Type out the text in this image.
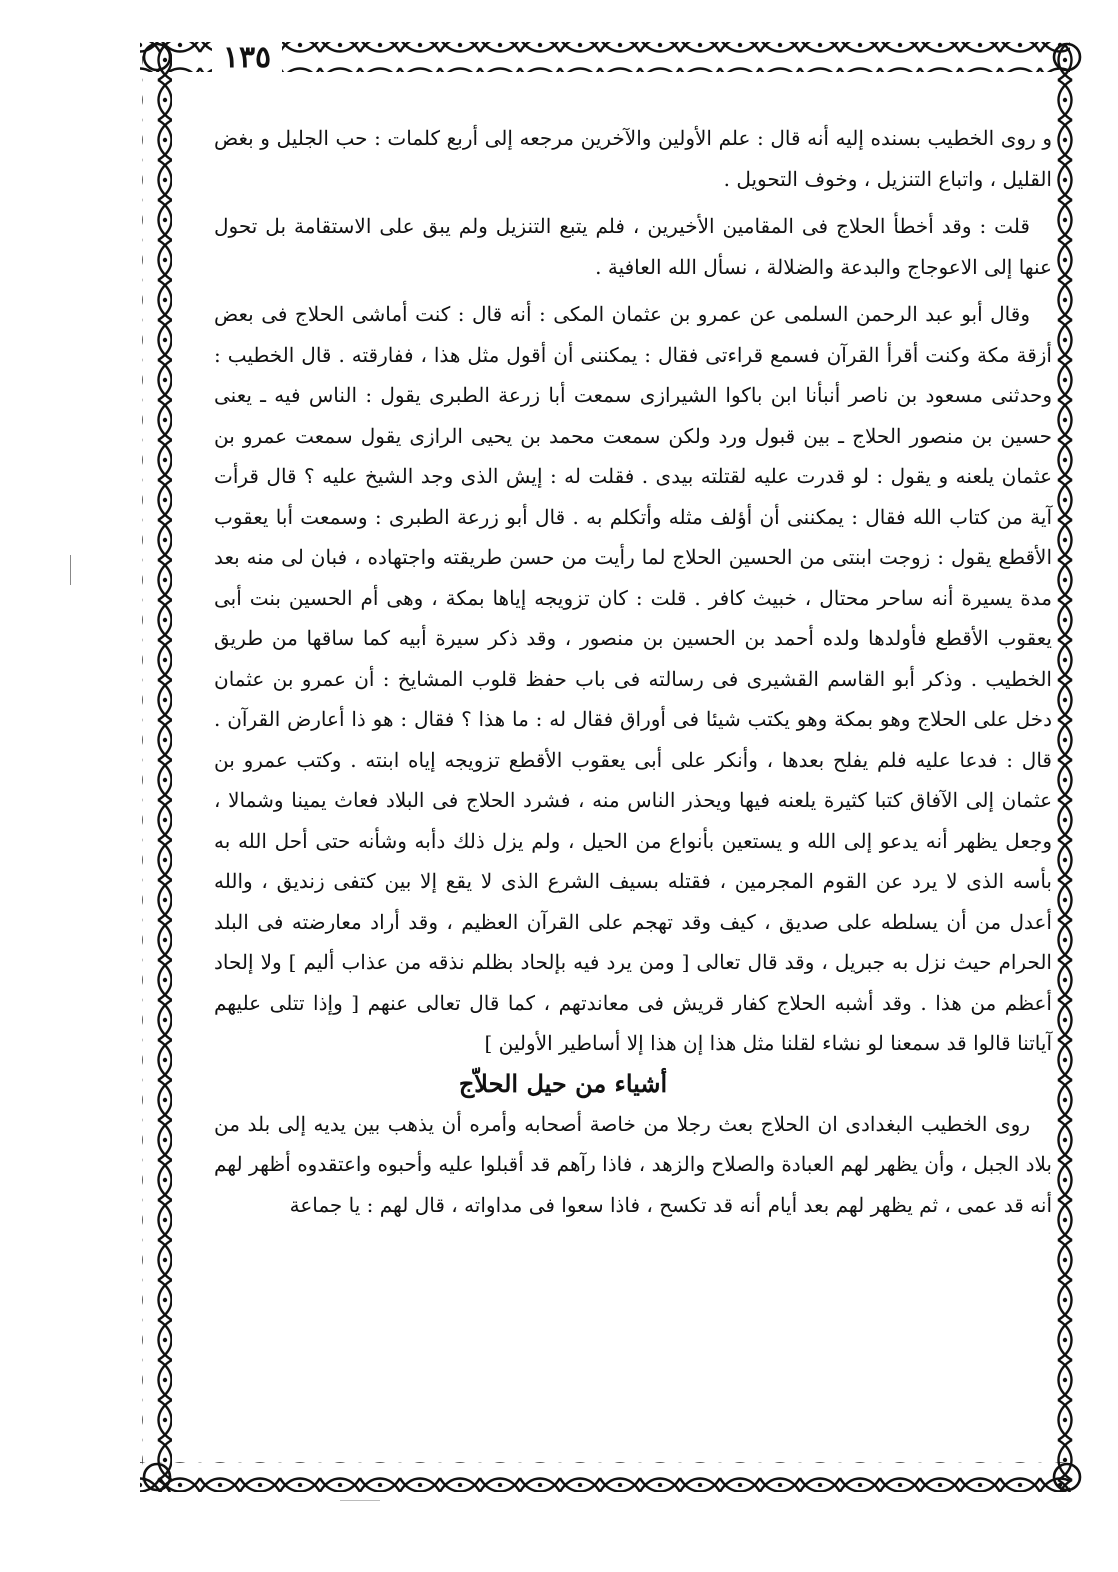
١٣٥

و روى الخطيب بسنده إليه أنه قال : علم الأولين والآخرين مرجعه إلى أربع كلمات : حب الجليل و بغض القليل ، واتباع التنزيل ، وخوف التحويل .

قلت : وقد أخطأ الحلاج فى المقامين الأخيرين ، فلم يتبع التنزيل ولم يبق على الاستقامة بل تحول عنها إلى الاعوجاج والبدعة والضلالة ، نسأل الله العافية .

وقال أبو عبد الرحمن السلمى عن عمرو بن عثمان المكى : أنه قال : كنت أماشى الحلاج فى بعض أزقة مكة وكنت أقرأ القرآن فسمع قراءتى فقال : يمكننى أن أقول مثل هذا ، ففارقته . قال الخطيب : وحدثنى مسعود بن ناصر أنبأنا ابن باكوا الشيرازى سمعت أبا زرعة الطبرى يقول : الناس فيه ـ يعنى حسين بن منصور الحلاج ـ بين قبول ورد ولكن سمعت محمد بن يحيى الرازى يقول سمعت عمرو بن عثمان يلعنه و يقول : لو قدرت عليه لقتلته بيدى . فقلت له : إيش الذى وجد الشيخ عليه ؟ قال قرأت آية من كتاب الله فقال : يمكننى أن أؤلف مثله وأتكلم به . قال أبو زرعة الطبرى : وسمعت أبا يعقوب الأقطع يقول : زوجت ابنتى من الحسين الحلاج لما رأيت من حسن طريقته واجتهاده ، فبان لى منه بعد مدة يسيرة أنه ساحر محتال ، خبيث كافر . قلت : كان تزويجه إياها بمكة ، وهى أم الحسين بنت أبى يعقوب الأقطع فأولدها ولده أحمد بن الحسين بن منصور ، وقد ذكر سيرة أبيه كما ساقها من طريق الخطيب . وذكر أبو القاسم القشيرى فى رسالته فى باب حفظ قلوب المشايخ : أن عمرو بن عثمان دخل على الحلاج وهو بمكة وهو يكتب شيئا فى أوراق فقال له : ما هذا ؟ فقال : هو ذا أعارض القرآن . قال : فدعا عليه فلم يفلح بعدها ، وأنكر على أبى يعقوب الأقطع تزويجه إياه ابنته . وكتب عمرو بن عثمان إلى الآفاق كتبا كثيرة يلعنه فيها ويحذر الناس منه ، فشرد الحلاج فى البلاد فعاث يمينا وشمالا ، وجعل يظهر أنه يدعو إلى الله و يستعين بأنواع من الحيل ، ولم يزل ذلك دأبه وشأنه حتى أحل الله به بأسه الذى لا يرد عن القوم المجرمين ، فقتله بسيف الشرع الذى لا يقع إلا بين كتفى زنديق ، والله أعدل من أن يسلطه على صديق ، كيف وقد تهجم على القرآن العظيم ، وقد أراد معارضته فى البلد الحرام حيث نزل به جبريل ، وقد قال تعالى [ ومن يرد فيه بإلحاد بظلم نذقه من عذاب أليم ] ولا إلحاد أعظم من هذا . وقد أشبه الحلاج كفار قريش فى معاندتهم ، كما قال تعالى عنهم [ وإذا تتلى عليهم آياتنا قالوا قد سمعنا لو نشاء لقلنا مثل هذا إن هذا إلا أساطير الأولين ]

أشياء من حيل الحلاّج

روى الخطيب البغدادى ان الحلاج بعث رجلا من خاصة أصحابه وأمره أن يذهب بين يديه إلى بلد من بلاد الجبل ، وأن يظهر لهم العبادة والصلاح والزهد ، فاذا رآهم قد أقبلوا عليه وأحبوه واعتقدوه أظهر لهم أنه قد عمى ، ثم يظهر لهم بعد أيام أنه قد تكسح ، فاذا سعوا فى مداواته ، قال لهم : يا جماعة
